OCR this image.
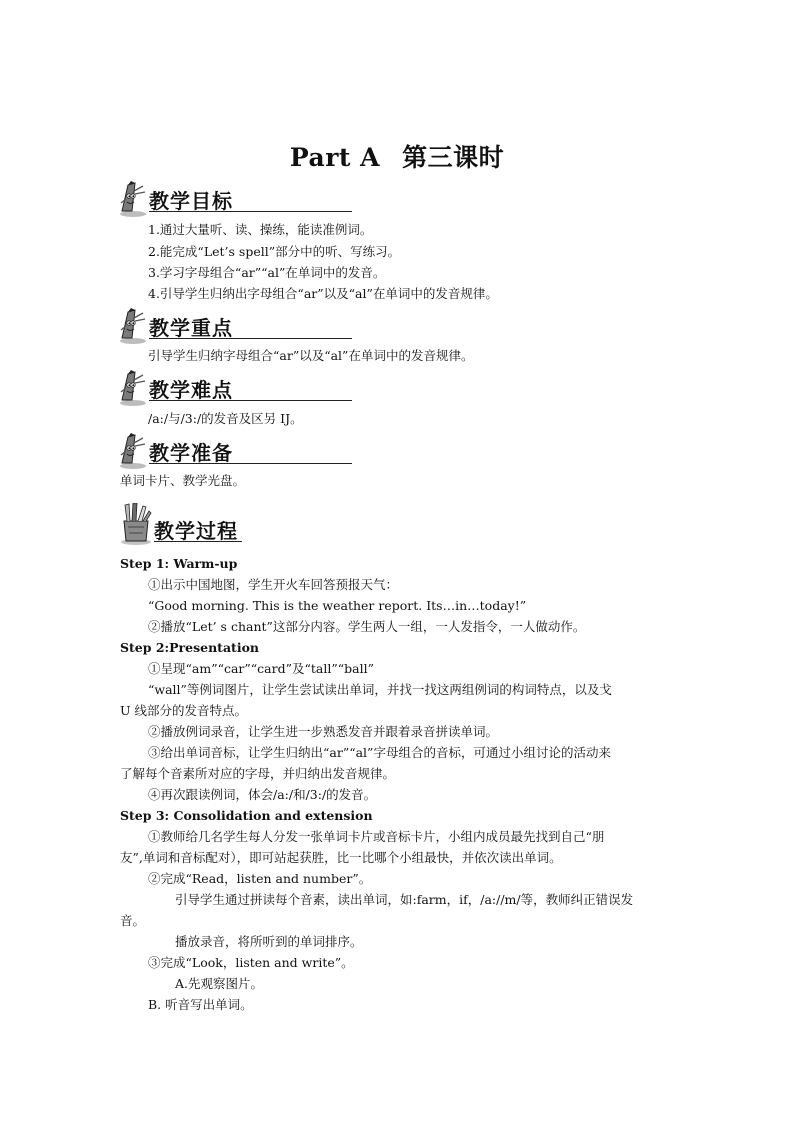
Part A 第三课时
教学目标
1.通过大量听、读、操练，能读准例词。
2.能完成“Let’s spell”部分中的听、写练习。
3.学习字母组合“ar”“al”在单词中的发音。
4.引导学生归纳出字母组合“ar”以及“al”在单词中的发音规律。
教学重点
引导学生归纳字母组合“ar”以及“al”在单词中的发音规律。
教学难点
/a:/与/3:/的发音及区另 IJ。
教学准备
单词卡片、教学光盘。
教学过程
Step 1: Warm-up
①出示中国地图，学生开火车回答预报天气：
“Good morning. This is the weather report. Its…in…today!”
②播放“Let’ s chant”这部分内容。学生两人一组，一人发指令，一人做动作。
Step 2:Presentation
①呈现“am”“car”“card”及“tall”“ball”
“wall”等例词图片，让学生尝试读出单词，并找一找这两组例词的构词特点，以及戈
U 线部分的发音特点。
②播放例词录音，让学生进一步熟悉发音并跟着录音拼读单词。
③给出单词音标，让学生归纳出“ar”“al”字母组合的音标，可通过小组讨论的活动来
了解每个音素所对应的字母，并归纳出发音规律。
④再次跟读例词，体会/a:/和/3:/的发音。
Step 3: Consolidation and extension
①教师给几名学生每人分发一张单词卡片或音标卡片，小组内成员最先找到自己“朋
友”,单词和音标配对），即可站起获胜，比一比哪个小组最快，并依次读出单词。
②完成“Read，listen and number”。
引导学生通过拼读每个音素，读出单词，如:farm，if，/a://m/等，教师纠正错误发
音。
播放录音，将所听到的单词排序。
③完成“Look，listen and write”。
A.先观察图片。
B. 听音写出单词。
